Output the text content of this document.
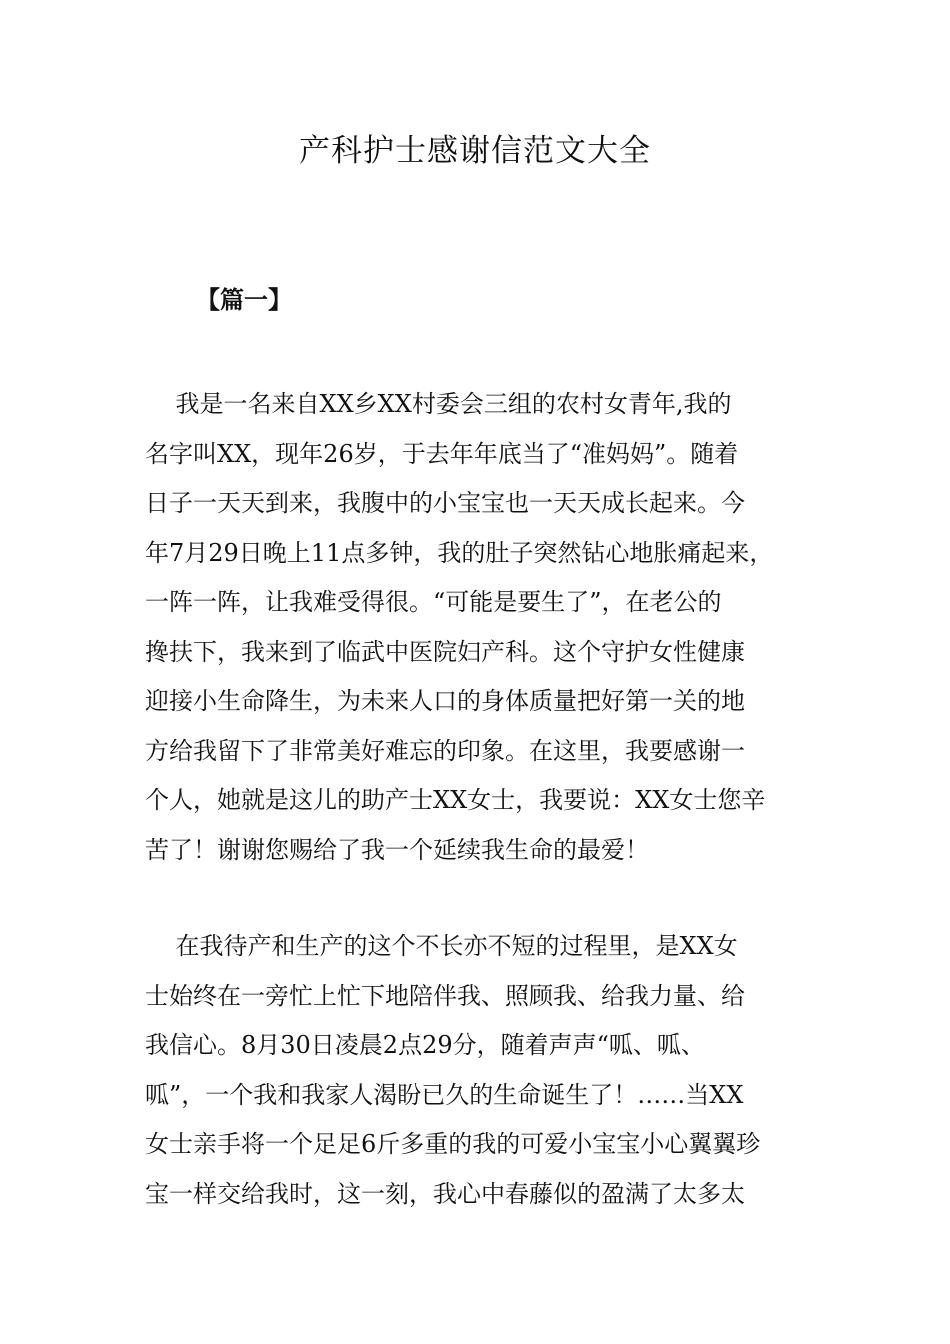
产科护士感谢信范文大全
【篇一】
我是一名来自XX乡XX村委会三组的农村女青年,我的
名字叫XX，现年26岁，于去年年底当了“准妈妈”。随着
日子一天天到来，我腹中的小宝宝也一天天成长起来。今
年7月29日晚上11点多钟，我的肚子突然钻心地胀痛起来，
一阵一阵，让我难受得很。“可能是要生了”，在老公的
搀扶下，我来到了临武中医院妇产科。这个守护女性健康
迎接小生命降生，为未来人口的身体质量把好第一关的地
方给我留下了非常美好难忘的印象。在这里，我要感谢一
个人，她就是这儿的助产士XX女士，我要说：XX女士您辛
苦了！谢谢您赐给了我一个延续我生命的最爱！
在我待产和生产的这个不长亦不短的过程里，是XX女
士始终在一旁忙上忙下地陪伴我、照顾我、给我力量、给
我信心。8月30日凌晨2点29分，随着声声“呱、呱、
呱”，一个我和我家人渴盼已久的生命诞生了！……当XX
女士亲手将一个足足6斤多重的我的可爱小宝宝小心翼翼珍
宝一样交给我时，这一刻，我心中春藤似的盈满了太多太
